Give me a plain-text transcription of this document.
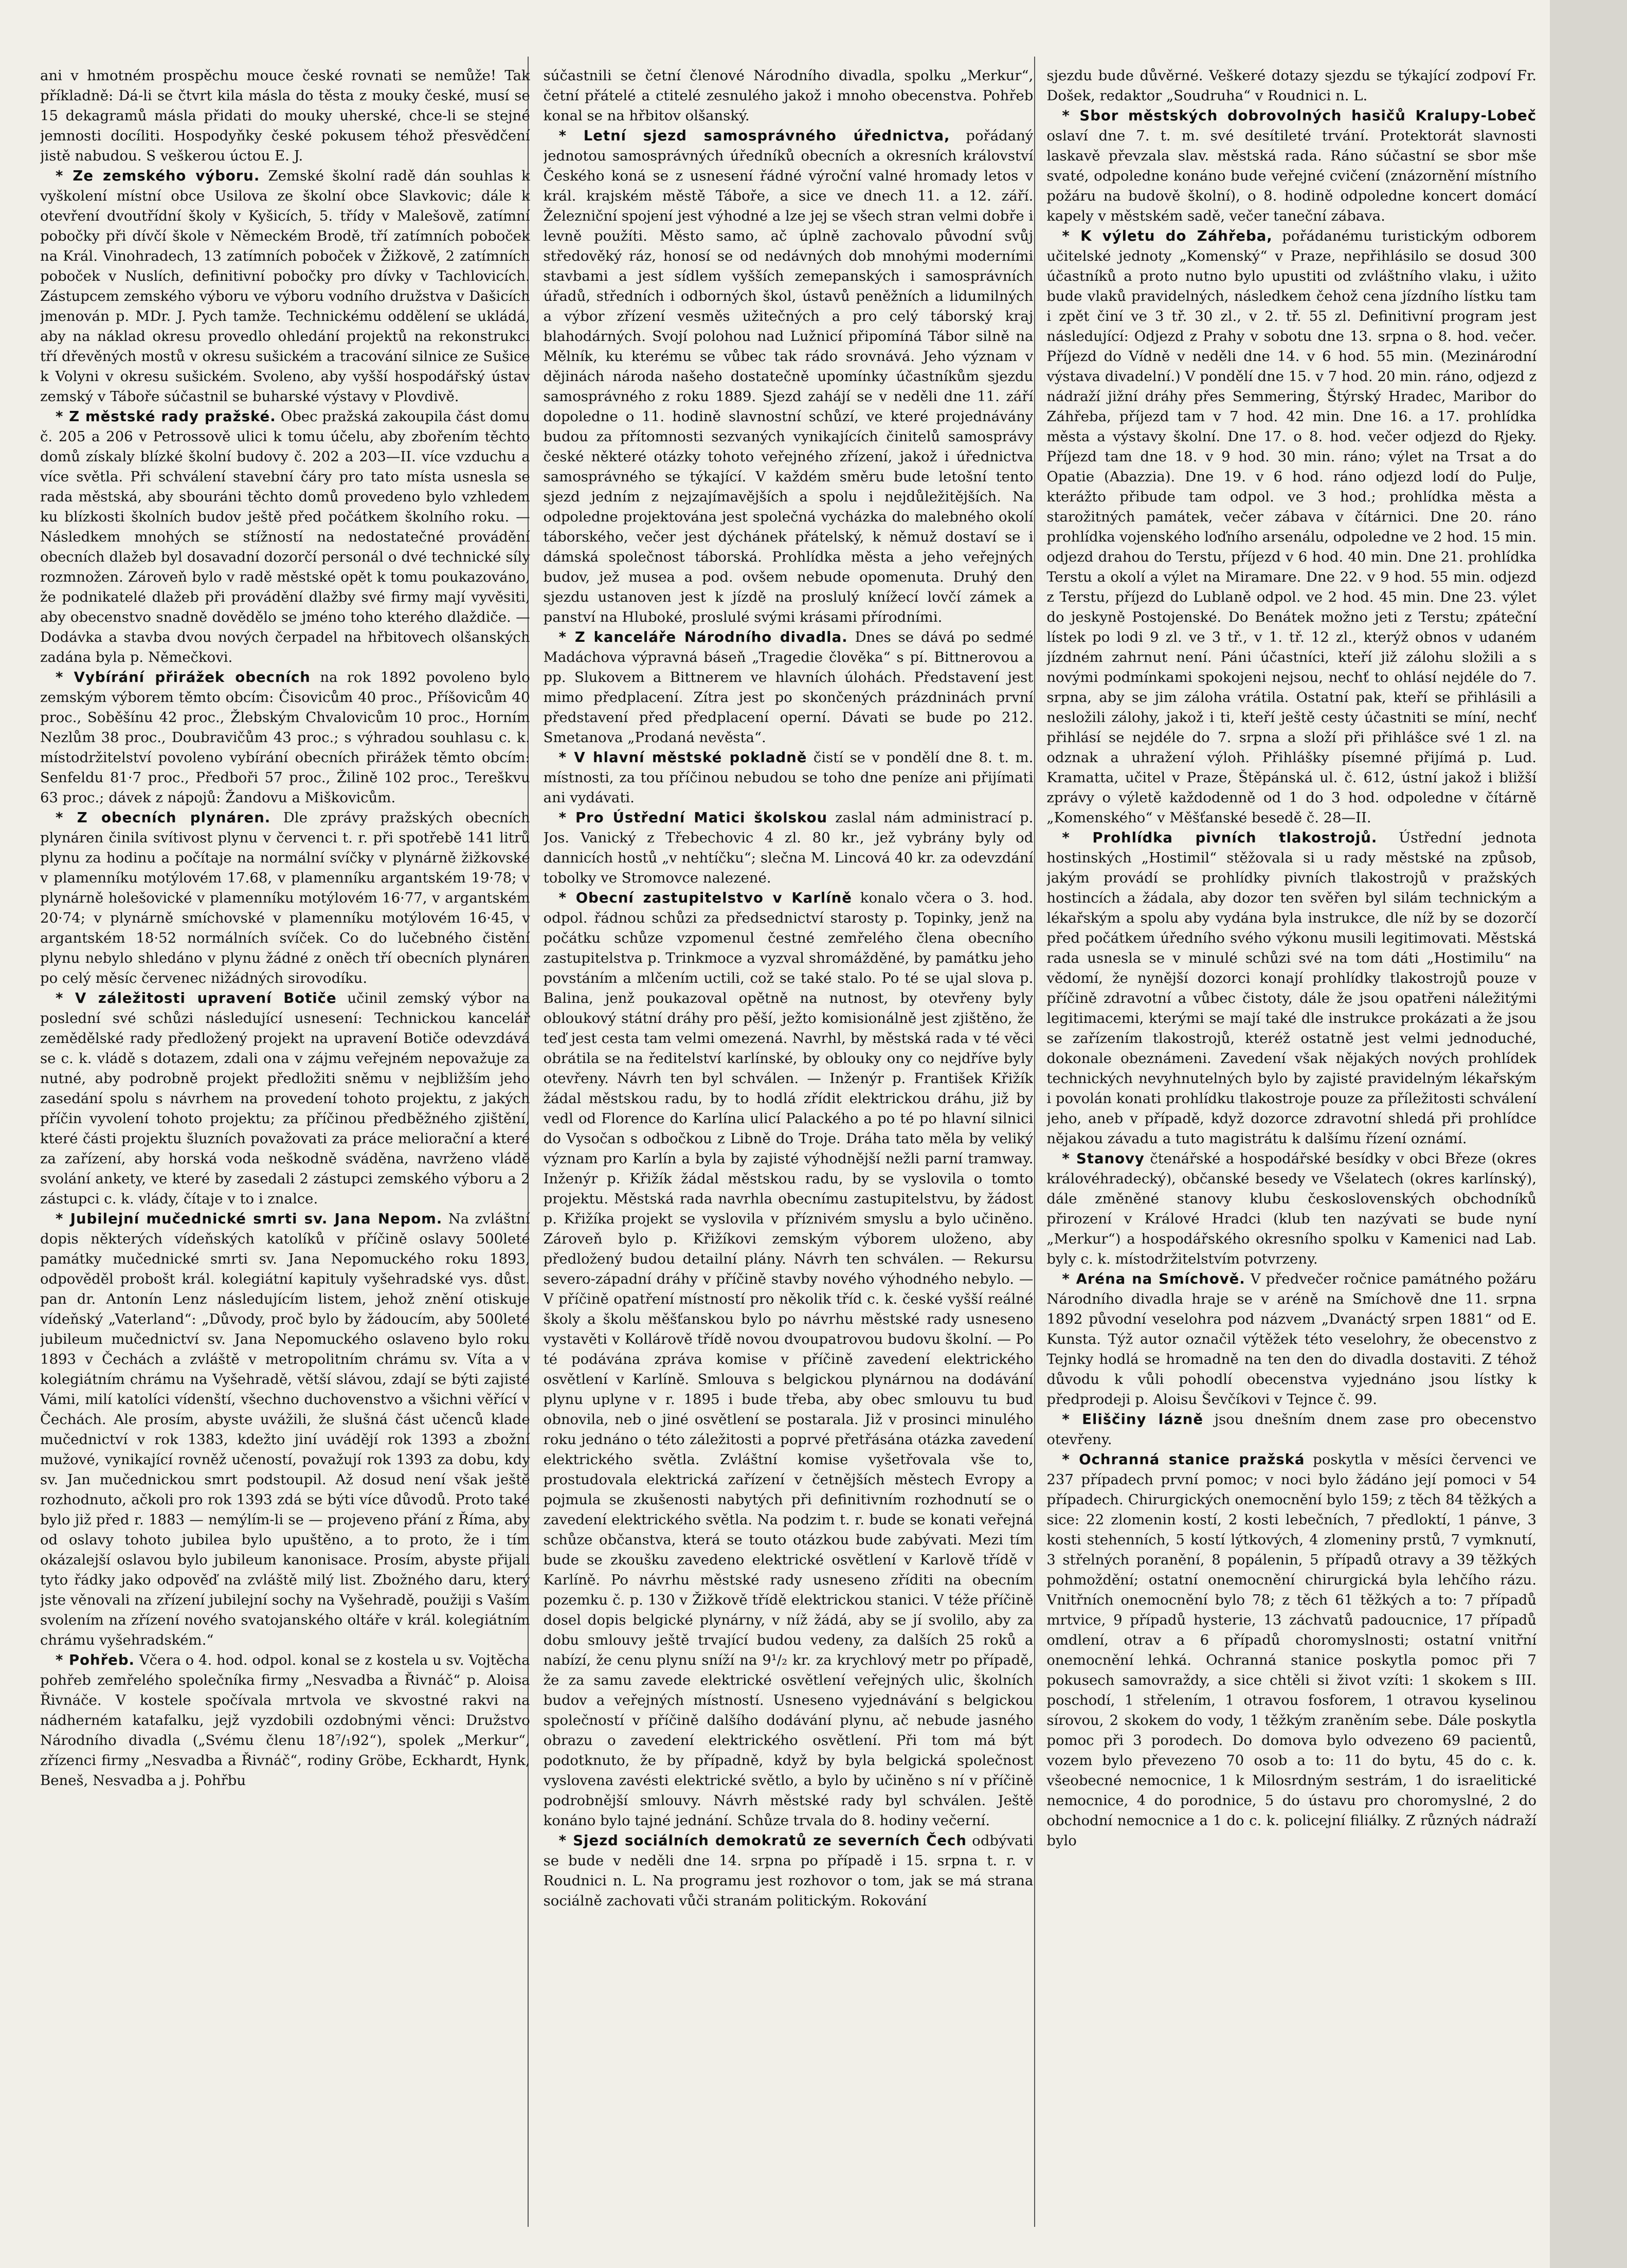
ani v hmotném prospěchu mouce české rovnati se nemůže! Tak příkladně: Dá-li se čtvrt kila másla do těsta z mouky české, musí se 15 dekagramů másla přidati do mouky uherské, chce-li se stejné jemnosti docíliti. Hospodyňky české pokusem téhož přesvědčení jistě nabudou. S veškerou úctou E. J.

* Ze zemského výboru. Zemské školní radě dán souhlas k vyškolení místní obce Usilova ze školní obce Slavkovic; dále k otevření dvoutřídní školy v Kyšicích, 5. třídy v Malešově, zatímní pobočky při dívčí škole v Německém Brodě, tří zatímních poboček na Král. Vinohradech, 13 zatímních poboček v Žižkově, 2 zatímních poboček v Nuslích, definitivní pobočky pro dívky v Tachlovicích. Zástupcem zemského výboru ve výboru vodního družstva v Dašicích jmenován p. MDr. J. Pych tamže. Technickému oddělení se ukládá, aby na náklad okresu provedlo ohledání projektů na rekonstrukci tří dřevěných mostů v okresu sušickém a tracování silnice ze Sušice k Volyni v okresu sušickém. Svoleno, aby vyšší hospodářský ústav zemský v Táboře súčastnil se buharské výstavy v Plovdivě.

* Z městské rady pražské. Obec pražská zakoupila část domu č. 205 a 206 v Petrossově ulici k tomu účelu, aby zbořením těchto domů získaly blízké školní budovy č. 202 a 203—II. více vzduchu a více světla. Při schválení stavební čáry pro tato místa usnesla se rada městská, aby sbouráni těchto domů provedeno bylo vzhledem ku blízkosti školních budov ještě před počátkem školního roku. — Následkem mnohých se stížností na nedostatečné provádění obecních dlažeb byl dosavadní dozorčí personál o dvé technické síly rozmnožen. Zároveň bylo v radě městské opět k tomu poukazováno, že podnikatelé dlažeb při provádění dlažby své firmy mají vyvěsiti, aby obecenstvo snadně dovědělo se jméno toho kterého dlaždiče. — Dodávka a stavba dvou nových čerpadel na hřbitovech olšanských zadána byla p. Němečkovi.

* Vybírání přirážek obecních na rok 1892 povoleno bylo zemským výborem těmto obcím: Čisovicům 40 proc., Příšovicům 40 proc., Soběšínu 42 proc., Žlebským Chvalovicům 10 proc., Horním Nezlům 38 proc., Doubravičům 43 proc.; s výhradou souhlasu c. k. místodržitelství povoleno vybírání obecních přirážek těmto obcím: Senfeldu 81·7 proc., Předboři 57 proc., Žilině 102 proc., Tereškvu 63 proc.; dávek z nápojů: Žandovu a Miškovicům.

* Z obecních plynáren. Dle zprávy pražských obecních plynáren činila svítivost plynu v červenci t. r. při spotřebě 141 litrů plynu za hodinu a počítaje na normální svíčky v plynárně žižkovské v plamenníku motýlovém 17.68, v plamenníku argantském 19·78; v plynárně holešovické v plamenníku motýlovém 16·77, v argantském 20·74; v plynárně smíchovské v plamenníku motýlovém 16·45, v argantském 18·52 normálních svíček. Co do lučebného čistění plynu nebylo shledáno v plynu žádné z oněch tří obecních plynáren po celý měsíc červenec nižádných sirovodíku.

* V záležitosti upravení Botiče učinil zemský výbor na poslední své schůzi následující usnesení: Technickou kancelář zemědělské rady předložený projekt na upravení Botiče odevzdává se c. k. vládě s dotazem, zdali ona v zájmu veřejném nepovažuje za nutné, aby podrobně projekt předložiti sněmu v nejbližším jeho zasedání spolu s návrhem na provedení tohoto projektu, z jakých příčin vyvolení tohoto projektu; za příčinou předběžného zjištění, které části projektu šluzních považovati za práce meliorační a které za zařízení, aby horská voda neškodně sváděna, navrženo vládě svolání ankety, ve které by zasedali 2 zástupci zemského výboru a 2 zástupci c. k. vlády, čítaje v to i znalce.

* Jubilejní mučednické smrti sv. Jana Nepom. Na zvláštní dopis některých vídeňských katolíků v příčině oslavy 500leté památky mučednické smrti sv. Jana Nepomuckého roku 1893, odpověděl probošt král. kolegiátní kapituly vyšehradské vys. důst. pan dr. Antonín Lenz následujícím listem, jehož znění otiskuje vídeňský „Vaterland“: „Důvody, proč bylo by žádoucím, aby 500leté jubileum mučednictví sv. Jana Nepomuckého oslaveno bylo roku 1893 v Čechách a zvláště v metropolitním chrámu sv. Víta a v kolegiátním chrámu na Vyšehradě, větší slávou, zdají se býti zajisté Vámi, milí katolíci vídenští, všechno duchovenstvo a všichni věřící v Čechách. Ale prosím, abyste uvážili, že slušná část učenců klade mučednictví v rok 1383, kdežto jiní uvádějí rok 1393 a zbožní mužové, vynikající rovněž učeností, považují rok 1393 za dobu, kdy sv. Jan mučednickou smrt podstoupil. Až dosud není však ještě rozhodnuto, ačkoli pro rok 1393 zdá se býti více důvodů. Proto také bylo již před r. 1883 — nemýlím-li se — projeveno přání z Říma, aby od oslavy tohoto jubilea bylo upuštěno, a to proto, že i tím okázalejší oslavou bylo jubileum kanonisace. Prosím, abyste přijali tyto řádky jako odpověď na zvláště milý list. Zbožného daru, který jste věnovali na zřízení jubilejní sochy na Vyšehradě, použiji s Vaším svolením na zřízení nového svatojanského oltáře v král. kolegiátním chrámu vyšehradském.“

* Pohřeb. Včera o 4. hod. odpol. konal se z kostela u sv. Vojtěcha pohřeb zemřelého společníka firmy „Nesvadba a Řivnáč“ p. Aloisa Řivnáče. V kostele spočívala mrtvola ve skvostné rakvi na nádherném katafalku, jejž vyzdobili ozdobnými věnci: Družstvo Národního divadla („Svému členu 18⁷/₁92“), spolek „Merkur“, zřízenci firmy „Nesvadba a Řivnáč“, rodiny Gröbe, Eckhardt, Hynk, Beneš, Nesvadba a j. Pohřbu

súčastnili se četní členové Národního divadla, spolku „Merkur“, četní přátelé a ctitelé zesnulého jakož i mnoho obecenstva. Pohřeb konal se na hřbitov olšanský.

* Letní sjezd samosprávného úřednictva, pořádaný jednotou samosprávných úředníků obecních a okresních království Českého koná se z usnesení řádné výroční valné hromady letos v král. krajském městě Táboře, a sice ve dnech 11. a 12. září. Železniční spojení jest výhodné a lze jej se všech stran velmi dobře i levně použíti. Město samo, ač úplně zachovalo původní svůj středověký ráz, honosí se od nedávných dob mnohými moderními stavbami a jest sídlem vyšších zemepanských i samosprávních úřadů, středních i odborných škol, ústavů peněžních a lidumilných a výbor zřízení vesměs užitečných a pro celý táborský kraj blahodárných. Svojí polohou nad Lužnicí připomíná Tábor silně na Mělník, ku kterému se vůbec tak rádo srovnává. Jeho význam v dějinách národa našeho dostatečně upomínky účastníkům sjezdu samosprávného z roku 1889. Sjezd zahájí se v neděli dne 11. září dopoledne o 11. hodině slavnostní schůzí, ve které projednávány budou za přítomnosti sezvaných vynikajících činitelů samosprávy české některé otázky tohoto veřejného zřízení, jakož i úřednictva samosprávného se týkající. V každém směru bude letošní tento sjezd jedním z nejzajímavějších a spolu i nejdůležitějších. Na odpoledne projektována jest společná vycházka do malebného okolí táborského, večer jest dýchánek přátelský, k němuž dostaví se i dámská společnost táborská. Prohlídka města a jeho veřejných budov, jež musea a pod. ovšem nebude opomenuta. Druhý den sjezdu ustanoven jest k jízdě na proslulý knížecí lovčí zámek a panství na Hluboké, proslulé svými krásami přírodními.

* Z kanceláře Národního divadla. Dnes se dává po sedmé Madáchova výpravná báseň „Tragedie člověka“ s pí. Bittnerovou a pp. Slukovem a Bittnerem ve hlavních úlohách. Představení jest mimo předplacení. Zítra jest po skončených prázdninách první představení před předplacení operní. Dávati se bude po 212. Smetanova „Prodaná nevěsta“.

* V hlavní městské pokladně čistí se v pondělí dne 8. t. m. místnosti, za tou příčinou nebudou se toho dne peníze ani přijímati ani vydávati.

* Pro Ústřední Matici školskou zaslal nám administrací p. Jos. Vanický z Třebechovic 4 zl. 80 kr., jež vybrány byly od dannicích hostů „v nehtíčku“; slečna M. Lincová 40 kr. za odevzdání tobolky ve Stromovce nalezené.

* Obecní zastupitelstvo v Karlíně konalo včera o 3. hod. odpol. řádnou schůzi za předsednictví starosty p. Topinky, jenž na počátku schůze vzpomenul čestné zemřelého člena obecního zastupitelstva p. Trinkmoce a vyzval shromážděné, by památku jeho povstáním a mlčením uctili, což se také stalo. Po té se ujal slova p. Balina, jenž poukazoval opětně na nutnost, by otevřeny byly obloukový státní dráhy pro pěší, ježto komisionálně jest zjištěno, že teď jest cesta tam velmi omezená. Navrhl, by městská rada v té věci obrátila se na ředitelství karlínské, by oblouky ony co nejdříve byly otevřeny. Návrh ten byl schválen. — Inženýr p. František Křižík žádal městskou radu, by to hodlá zřídit elektrickou dráhu, již by vedl od Florence do Karlína ulicí Palackého a po té po hlavní silnici do Vysočan s odbočkou z Libně do Troje. Dráha tato měla by veliký význam pro Karlín a byla by zajisté výhodnější nežli parní tramway. Inženýr p. Křižík žádal městskou radu, by se vyslovila o tomto projektu. Městská rada navrhla obecnímu zastupitelstvu, by žádost p. Křižíka projekt se vyslovila v příznivém smyslu a bylo učiněno. Zároveň bylo p. Křižíkovi zemským výborem uloženo, aby předložený budou detailní plány. Návrh ten schválen. — Rekursu severo-západní dráhy v příčině stavby nového výhodného nebylo. — V příčině opatření místností pro několik tříd c. k. české vyšší reálné školy a školu měšťanskou bylo po návrhu městské rady usneseno vystavěti v Kollárově třídě novou dvoupatrovou budovu školní. — Po té podávána zpráva komise v příčině zavedení elektrického osvětlení v Karlíně. Smlouva s belgickou plynárnou na dodávání plynu uplyne v r. 1895 i bude třeba, aby obec smlouvu tu buď obnovila, neb o jiné osvětlení se postarala. Již v prosinci minulého roku jednáno o této záležitosti a poprvé přetřásána otázka zavedení elektrického světla. Zvláštní komise vyšetřovala vše to, prostudovala elektrická zařízení v četnějších městech Evropy a pojmula se zkušenosti nabytých při definitivním rozhodnutí se o zavedení elektrického světla. Na podzim t. r. bude se konati veřejná schůze občanstva, která se touto otázkou bude zabývati. Mezi tím bude se zkoušku zavedeno elektrické osvětlení v Karlově třídě v Karlíně. Po návrhu městské rady usneseno zříditi na obecním pozemku č. p. 130 v Žižkově třídě elektrickou stanici. V téže příčině dosel dopis belgické plynárny, v níž žádá, aby se jí svolilo, aby za dobu smlouvy ještě trvající budou vedeny, za dalších 25 roků a nabízí, že cenu plynu sníží na 9¹/₂ kr. za krychlový metr po případě, že za samu zavede elektrické osvětlení veřejných ulic, školních budov a veřejných místností. Usneseno vyjednávání s belgickou společností v příčině dalšího dodávání plynu, ač nebude jasného obrazu o zavedení elektrického osvětlení. Při tom má být podotknuto, že by případně, když by byla belgická společnost vyslovena zavésti elektrické světlo, a bylo by učiněno s ní v příčině podrobnější smlouvy. Návrh městské rady byl schválen. Ještě konáno bylo tajné jednání. Schůze trvala do 8. hodiny večerní.

* Sjezd sociálních demokratů ze severních Čech odbývati se bude v neděli dne 14. srpna po případě i 15. srpna t. r. v Roudnici n. L. Na programu jest rozhovor o tom, jak se má strana sociálně zachovati vůči stranám politickým. Rokování

sjezdu bude důvěrné. Veškeré dotazy sjezdu se týkající zodpoví Fr. Došek, redaktor „Soudruha“ v Roudnici n. L.

* Sbor městských dobrovolných hasičů Kralupy-Lobeč oslaví dne 7. t. m. své desítileté trvání. Protektorát slavnosti laskavě převzala slav. městská rada. Ráno súčastní se sbor mše svaté, odpoledne konáno bude veřejné cvičení (znázornění místního požáru na budově školní), o 8. hodině odpoledne koncert domácí kapely v městském sadě, večer taneční zábava.

* K výletu do Záhřeba, pořádanému turistickým odborem učitelské jednoty „Komenský“ v Praze, nepřihlásilo se dosud 300 účastníků a proto nutno bylo upustiti od zvláštního vlaku, i užito bude vlaků pravidelných, následkem čehož cena jízdního lístku tam i zpět činí ve 3 tř. 30 zl., v 2. tř. 55 zl. Definitivní program jest následující: Odjezd z Prahy v sobotu dne 13. srpna o 8. hod. večer. Příjezd do Vídně v neděli dne 14. v 6 hod. 55 min. (Mezinárodní výstava divadelní.) V pondělí dne 15. v 7 hod. 20 min. ráno, odjezd z nádraží jižní dráhy přes Semmering, Štýrský Hradec, Maribor do Záhřeba, příjezd tam v 7 hod. 42 min. Dne 16. a 17. prohlídka města a výstavy školní. Dne 17. o 8. hod. večer odjezd do Rjeky. Příjezd tam dne 18. v 9 hod. 30 min. ráno; výlet na Trsat a do Opatie (Abazzia). Dne 19. v 6 hod. ráno odjezd lodí do Pulje, kterážto přibude tam odpol. ve 3 hod.; prohlídka města a starožitných památek, večer zábava v čítárnici. Dne 20. ráno prohlídka vojenského loďního arsenálu, odpoledne ve 2 hod. 15 min. odjezd drahou do Terstu, příjezd v 6 hod. 40 min. Dne 21. prohlídka Terstu a okolí a výlet na Miramare. Dne 22. v 9 hod. 55 min. odjezd z Terstu, příjezd do Lublaně odpol. ve 2 hod. 45 min. Dne 23. výlet do jeskyně Postojenské. Do Benátek možno jeti z Terstu; zpáteční lístek po lodi 9 zl. ve 3 tř., v 1. tř. 12 zl., kterýž obnos v udaném jízdném zahrnut není. Páni účastníci, kteří již zálohu složili a s novými podmínkami spokojeni nejsou, nechť to ohlásí nejdéle do 7. srpna, aby se jim záloha vrátila. Ostatní pak, kteří se přihlásili a nesložili zálohy, jakož i ti, kteří ještě cesty účastniti se míní, nechť přihlásí se nejdéle do 7. srpna a složí při přihlášce své 1 zl. na odznak a uhražení výloh. Přihlášky písemné přijímá p. Lud. Kramatta, učitel v Praze, Štěpánská ul. č. 612, ústní jakož i bližší zprávy o výletě každodenně od 1 do 3 hod. odpoledne v čítárně „Komenského“ v Měšťanské besedě č. 28—II.

* Prohlídka pivních tlakostrojů. Ústřední jednota hostinských „Hostimil“ stěžovala si u rady městské na způsob, jakým provádí se prohlídky pivních tlakostrojů v pražských hostincích a žádala, aby dozor ten svěřen byl silám technickým a lékařským a spolu aby vydána byla instrukce, dle níž by se dozorčí před počátkem úředního svého výkonu musili legitimovati. Městská rada usnesla se v minulé schůzi své na tom dáti „Hostimilu“ na vědomí, že nynější dozorci konají prohlídky tlakostrojů pouze v příčině zdravotní a vůbec čistoty, dále že jsou opatřeni náležitými legitimacemi, kterými se mají také dle instrukce prokázati a že jsou se zařízením tlakostrojů, kteréž ostatně jest velmi jednoduché, dokonale obeznámeni. Zavedení však nějakých nových prohlídek technických nevyhnutelných bylo by zajisté pravidelným lékařským i povolán konati prohlídku tlakostroje pouze za příležitosti schválení jeho, aneb v případě, když dozorce zdravotní shledá při prohlídce nějakou závadu a tuto magistrátu k dalšímu řízení oznámí.

* Stanovy čtenářské a hospodářské besídky v obci Březe (okres královéhradecký), občanské besedy ve Všelatech (okres karlínský), dále změněné stanovy klubu československých obchodníků přirození v Králové Hradci (klub ten nazývati se bude nyní „Merkur“) a hospodářského okresního spolku v Kamenici nad Lab. byly c. k. místodržitelstvím potvrzeny.

* Aréna na Smíchově. V předvečer ročnice památného požáru Národního divadla hraje se v aréně na Smíchově dne 11. srpna 1892 původní veselohra pod názvem „Dvanáctý srpen 1881“ od E. Kunsta. Týž autor označil výtěžek této veselohry, že obecenstvo z Tejnky hodlá se hromadně na ten den do divadla dostaviti. Z téhož důvodu k vůli pohodlí obecenstva vyjednáno jsou lístky k předprodeji p. Aloisu Ševčíkovi v Tejnce č. 99.

* Eliščiny lázně jsou dnešním dnem zase pro obecenstvo otevřeny.

* Ochranná stanice pražská poskytla v měsíci červenci ve 237 případech první pomoc; v noci bylo žádáno její pomoci v 54 případech. Chirurgických onemocnění bylo 159; z těch 84 těžkých a sice: 22 zlomenin kostí, 2 kosti lebečních, 7 předloktí, 1 pánve, 3 kosti stehenních, 5 kostí lýtkových, 4 zlomeniny prstů, 7 vymknutí, 3 střelných poranění, 8 popálenin, 5 případů otravy a 39 těžkých pohmoždění; ostatní onemocnění chirurgická byla lehčího rázu. Vnitřních onemocnění bylo 78; z těch 61 těžkých a to: 7 případů mrtvice, 9 případů hysterie, 13 záchvatů padoucnice, 17 případů omdlení, otrav a 6 případů choromyslnosti; ostatní vnitřní onemocnění lehká. Ochranná stanice poskytla pomoc při 7 pokusech samovraždy, a sice chtěli si život vzíti: 1 skokem s III. poschodí, 1 střelením, 1 otravou fosforem, 1 otravou kyselinou sírovou, 2 skokem do vody, 1 těžkým zraněním sebe. Dále poskytla pomoc při 3 porodech. Do domova bylo odvezeno 69 pacientů, vozem bylo převezeno 70 osob a to: 11 do bytu, 45 do c. k. všeobecné nemocnice, 1 k Milosrdným sestrám, 1 do israelitické nemocnice, 4 do porodnice, 5 do ústavu pro choromyslné, 2 do obchodní nemocnice a 1 do c. k. policejní filiálky. Z různých nádraží bylo
